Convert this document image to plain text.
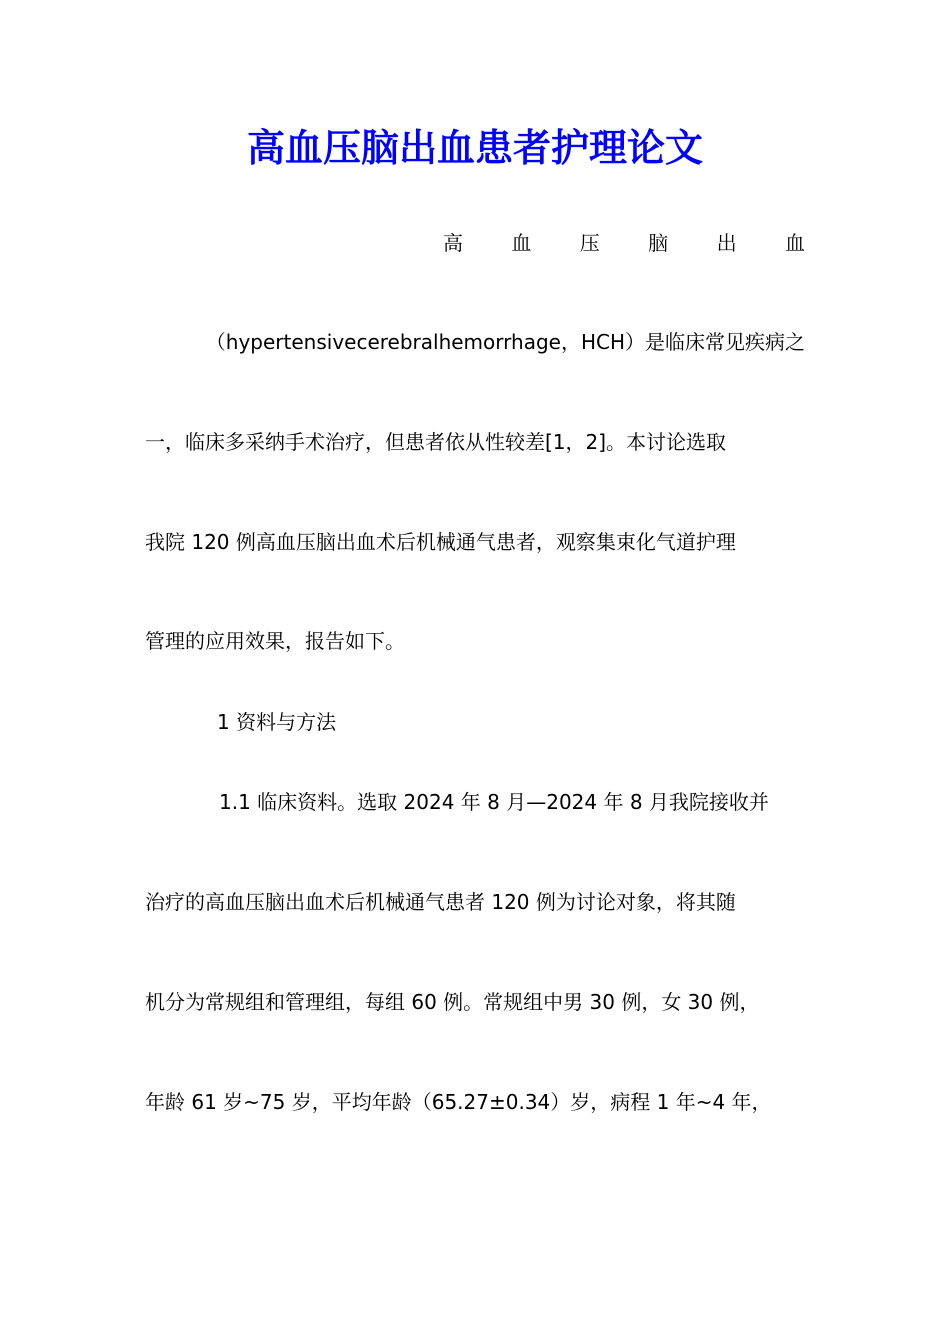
高血压脑出血患者护理论文
高 血 压 脑 出 血
（hypertensivecerebralhemorrhage，HCH）是临床常见疾病之
一，临床多采纳手术治疗，但患者依从性较差[1，2]。本讨论选取
我院 120 例高血压脑出血术后机械通气患者，观察集束化气道护理
管理的应用效果，报告如下。
1 资料与方法
1.1 临床资料。选取 2024 年 8 月—2024 年 8 月我院接收并
治疗的高血压脑出血术后机械通气患者 120 例为讨论对象，将其随
机分为常规组和管理组，每组 60 例。常规组中男 30 例，女 30 例，
年龄 61 岁~75 岁，平均年龄（65.27±0.34）岁，病程 1 年~4 年，
